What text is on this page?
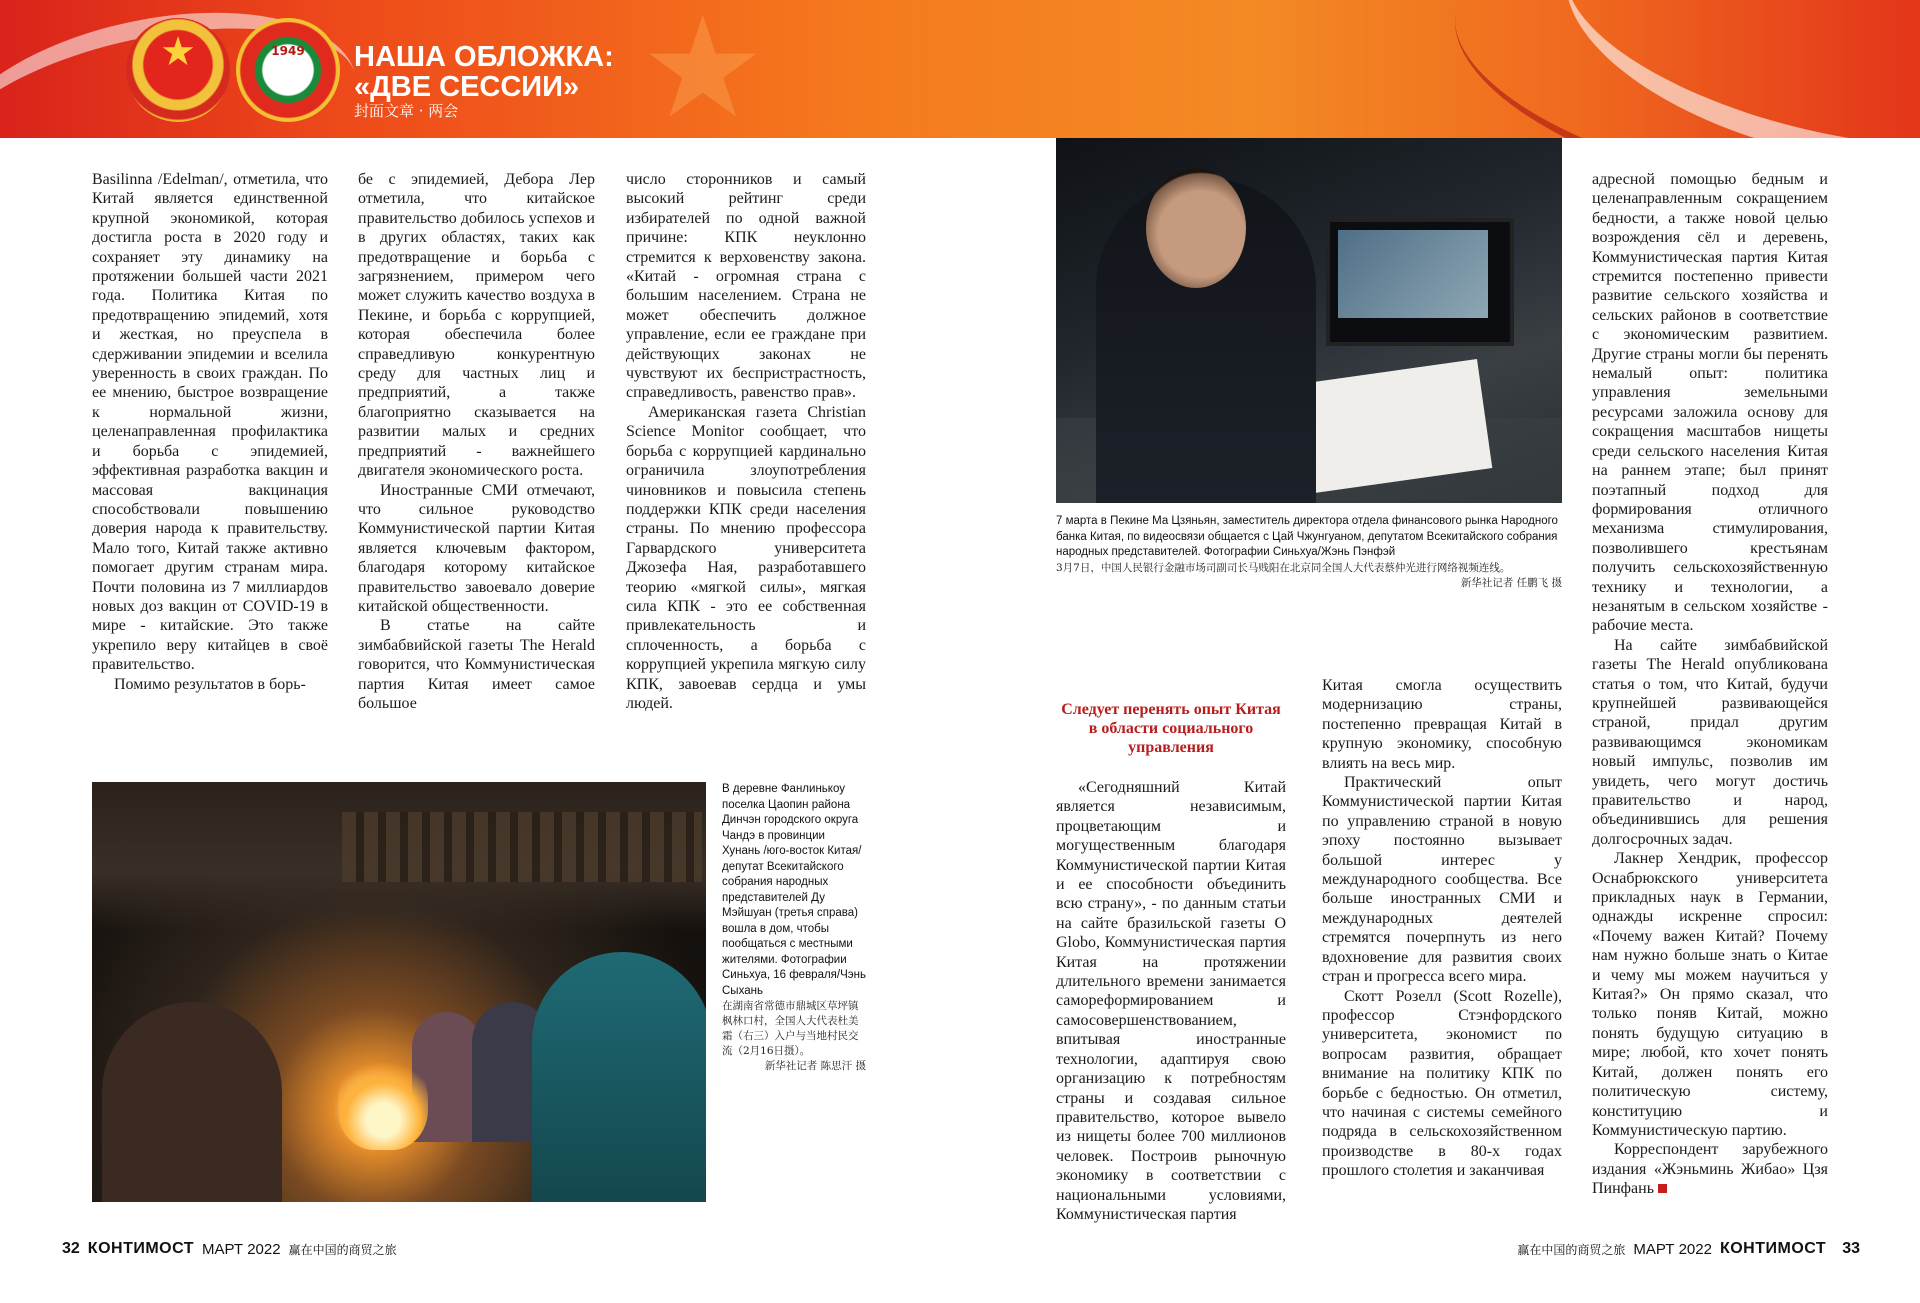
★
★	1949	НАША ОБЛОЖКА:
«ДВЕ СЕССИИ»
封面文章 · 两会

Basilinna /Edelman/, отметила, что Китай является единственной крупной экономикой, которая достигла роста в 2020 году и сохраняет эту динамику на протяжении большей части 2021 года. Политика Китая по предотвращению эпидемий, хотя и жесткая, но преуспела в сдерживании эпидемии и вселила уверенность в своих граждан. По ее мнению, быстрое возвращение к нормальной жизни, целенаправленная профилактика и борьба с эпидемией, эффективная разработка вакцин и массовая вакцинация способствовали повышению доверия народа к правительству. Мало того, Китай также активно помогает другим странам мира. Почти половина из 7 миллиардов новых доз вакцин от COVID-19 в мире - китайские. Это также укрепило веру китайцев в своё правительство.

Помимо результатов в борь-

бе с эпидемией, Дебора Лер отметила, что китайское правительство добилось успехов и в других областях, таких как предотвращение и борьба с загрязнением, примером чего может служить качество воздуха в Пекине, и борьба с коррупцией, которая обеспечила более справедливую конкурентную среду для частных лиц и предприятий, а также благоприятно сказывается на развитии малых и средних предприятий - важнейшего двигателя экономического роста.

Иностранные СМИ отмечают, что сильное руководство Коммунистической партии Китая является ключевым фактором, благодаря которому китайское правительство завоевало доверие китайской общественности.

В статье на сайте зимбабвийской газеты The Herald говорится, что Коммунистическая партия Китая имеет самое большое

число сторонников и самый высокий рейтинг среди избирателей по одной важной причине: КПК неуклонно стремится к верховенству закона. «Китай - огромная страна с большим населением. Страна не может обеспечить должное управление, если ее граждане при действующих законах не чувствуют их беспристрастность, справедливость, равенство прав».

Американская газета Christian Science Monitor сообщает, что борьба с коррупцией кардинально ограничила злоупотребления чиновников и повысила степень поддержки КПК среди населения страны. По мнению профессора Гарвардского университета Джозефа Ная, разработавшего теорию «мягкой силы», мягкая сила КПК - это ее собственная привлекательность и сплоченность, а борьба с коррупцией укрепила мягкую силу КПК, завоевав сердца и умы людей.

В деревне Фанлинькоу поселка Цаопин района Динчэн городского округа Чандэ в провинции Хунань /юго-восток Китая/ депутат Всекитайского собрания народных представителей Ду Мэйшуан (третья справа) вошла в дом, чтобы пообщаться с местными жителями. Фотографии Синьхуа, 16 февраля/Чэнь Сыхань
在湖南省常德市鼎城区草坪镇枫林口村，全国人大代表杜美霜（右三）入户与当地村民交流（2月16日摄）。
新华社记者 陈思汗 摄
7 марта в Пекине Ма Цзяньян, заместитель директора отдела финансового рынка Народного банка Китая, по видеосвязи общается с Цай Чжунгуаном, депутатом Всекитайского собрания народных представителей. Фотографии Синьхуа/Жэнь Пэнфэй
3月7日，中国人民银行金融市场司副司长马贱阳在北京同全国人大代表蔡仲光进行网络视频连线。
新华社记者 任鹏飞 摄

адресной помощью бедным и целенаправленным сокращением бедности, а также новой целью возрождения сёл и деревень, Коммунистическая партия Китая стремится постепенно привести развитие сельского хозяйства и сельских районов в соответствие с экономическим развитием. Другие страны могли бы перенять немалый опыт: политика управления земельными ресурсами заложила основу для сокращения масштабов нищеты среди сельского населения Китая на раннем этапе; был принят поэтапный подход для формирования отличного механизма стимулирования, позволившего крестьянам получить сельскохозяйственную технику и технологии, а незанятым в сельском хозяйстве - рабочие места.

На сайте зимбабвийской газеты The Herald опубликована статья о том, что Китай, будучи крупнейшей развивающейся страной, придал другим развивающимся экономикам новый импульс, позволив им увидеть, чего могут достичь правительство и народ, объединившись для решения долгосрочных задач.

Лакнер Хендрик, профессор Оснабрюкского университета прикладных наук в Германии, однажды искренне спросил: «Почему важен Китай? Почему нам нужно больше знать о Китае и чему мы можем научиться у Китая?» Он прямо сказал, что только поняв Китай, можно понять будущую ситуацию в мире; любой, кто хочет понять Китай, должен понять его политическую систему, конституцию и Коммунистическую партию.

Корреспондент зарубежного издания «Жэньминь Жибао» Цзя Пинфань

Следует перенять опыт Китая в области социального управления

«Сегодняшний Китай является независимым, процветающим и могущественным благодаря Коммунистической партии Китая и ее способности объединить всю страну», - по данным статьи на сайте бразильской газеты O Globo, Коммунистическая партия Китая на протяжении длительного времени занимается самореформированием и самосовершенствованием, впитывая иностранные технологии, адаптируя свою организацию к потребностям страны и создавая сильное правительство, которое вывело из нищеты более 700 миллионов человек. Построив рыночную экономику в соответствии с национальными условиями, Коммунистическая партия

Китая смогла осуществить модернизацию страны, постепенно превращая Китай в крупную экономику, способную влиять на весь мир.

Практический опыт Коммунистической партии Китая по управлению страной в новую эпоху постоянно вызывает большой интерес у международного сообщества. Все больше иностранных СМИ и международных деятелей стремятся почерпнуть из него вдохновение для развития своих стран и прогресса всего мира.

Скотт Розелл (Scott Rozelle), профессор Стэнфордского университета, экономист по вопросам развития, обращает внимание на политику КПК по борьбе с бедностью. Он отметил, что начиная с системы семейного подряда в сельскохозяйственном производстве в 80-х годах прошлого столетия и заканчивая

32 КОНТИМОСТ МАРТ 2022 赢在中国的商贸之旅	赢在中国的商贸之旅 МАРТ 2022 КОНТИМОСТ 33
